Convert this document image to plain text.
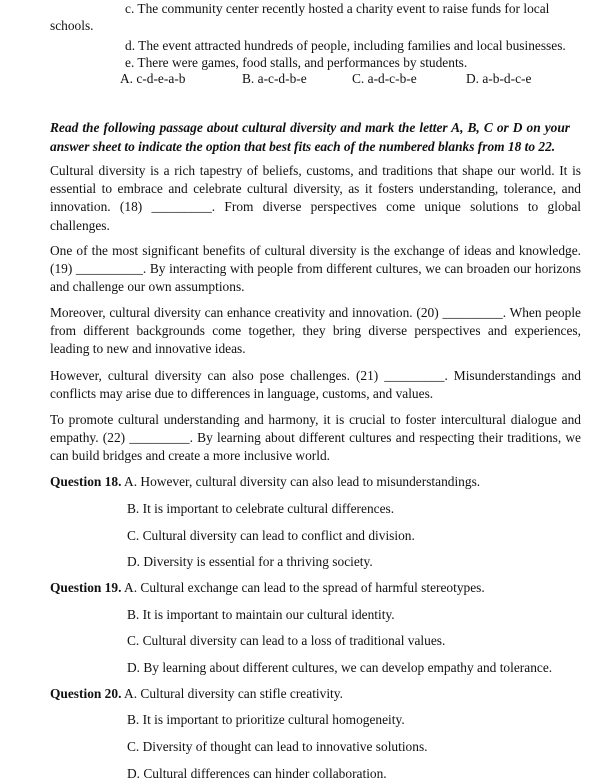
c. The community center recently hosted a charity event to raise funds for local
schools.
d. The event attracted hundreds of people, including families and local businesses.
e. There were games, food stalls, and performances by students.
A. c-d-e-a-b	B. a-c-d-b-e	C. a-d-c-b-e	D. a-b-d-c-e
Read the following passage about cultural diversity and mark the letter A, B, C or D on your answer sheet to indicate the option that best fits each of the numbered blanks from 18 to 22.
Cultural diversity is a rich tapestry of beliefs, customs, and traditions that shape our world. It is essential to embrace and celebrate cultural diversity, as it fosters understanding, tolerance, and innovation. (18) _________. From diverse perspectives come unique solutions to global challenges.
One of the most significant benefits of cultural diversity is the exchange of ideas and knowledge. (19) __________. By interacting with people from different cultures, we can broaden our horizons and challenge our own assumptions.
Moreover, cultural diversity can enhance creativity and innovation. (20) _________. When people from different backgrounds come together, they bring diverse perspectives and experiences, leading to new and innovative ideas.
However, cultural diversity can also pose challenges. (21) _________. Misunderstandings and conflicts may arise due to differences in language, customs, and values.
To promote cultural understanding and harmony, it is crucial to foster intercultural dialogue and empathy. (22) _________. By learning about different cultures and respecting their traditions, we can build bridges and create a more inclusive world.
Question 18. A. However, cultural diversity can also lead to misunderstandings.
B. It is important to celebrate cultural differences.
C. Cultural diversity can lead to conflict and division.
D. Diversity is essential for a thriving society.
Question 19. A. Cultural exchange can lead to the spread of harmful stereotypes.
B. It is important to maintain our cultural identity.
C. Cultural diversity can lead to a loss of traditional values.
D. By learning about different cultures, we can develop empathy and tolerance.
Question 20. A. Cultural diversity can stifle creativity.
B. It is important to prioritize cultural homogeneity.
C. Diversity of thought can lead to innovative solutions.
D. Cultural differences can hinder collaboration.
